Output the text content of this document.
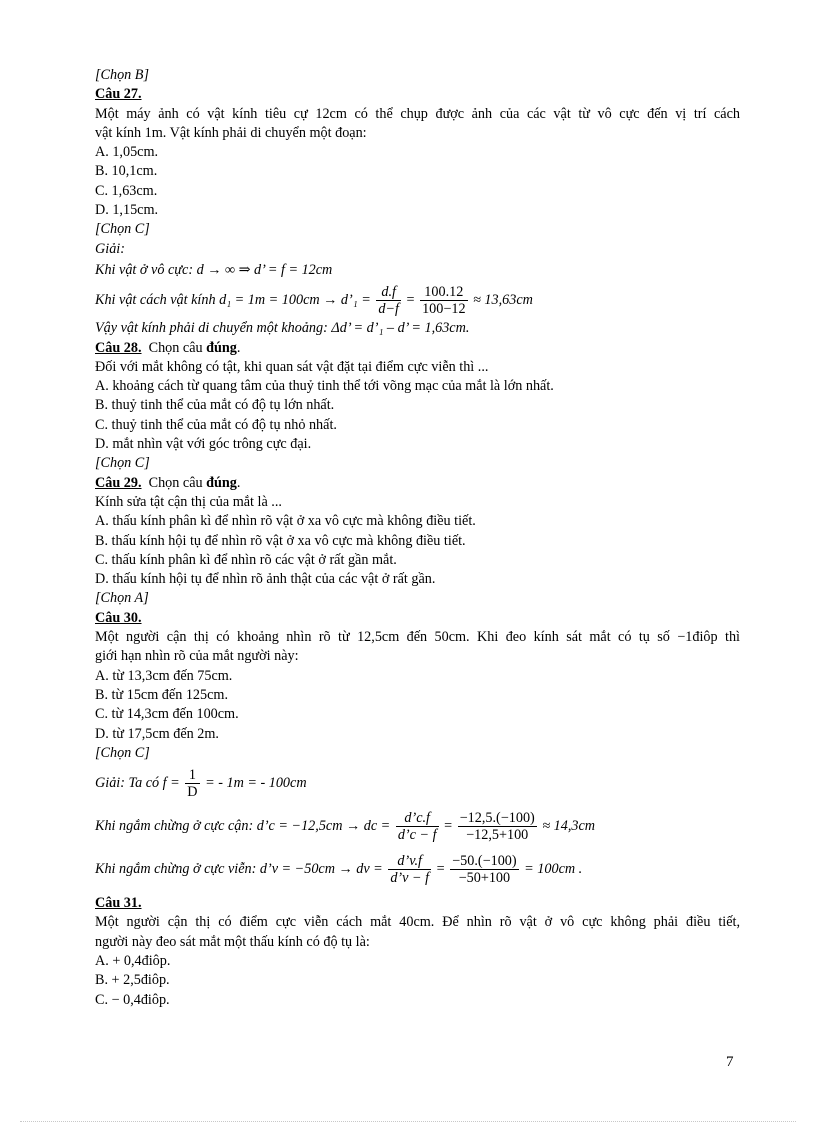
[Chọn B]
Câu 27.
Một máy ảnh có vật kính tiêu cự 12cm có thể chụp được ảnh của các vật từ vô cực đến vị trí cách
vật kính 1m. Vật kính phải di chuyển một đoạn:
A. 1,05cm.
B. 10,1cm.
C. 1,63cm.
D. 1,15cm.
[Chọn C]
Giải:
Khi vật ở vô cực: d → ∞ ⇒ d’ = f = 12cm
Khi vật cách vật kính d₁ = 1m = 100cm → d’₁ = $\frac{d.f}{d-f} = \frac{100.12}{100-12} \approx 13,63cm$
Vậy vật kính phải di chuyển một khoảng: Δd’ = d’₁ – d’ = 1,63cm.
Câu 28. Chọn câu đúng.
Đối với mắt không có tật, khi quan sát vật đặt tại điểm cực viễn thì ...
A. khoảng cách từ quang tâm của thuỷ tinh thể tới võng mạc của mắt là lớn nhất.
B. thuỷ tinh thể của mắt có độ tụ lớn nhất.
C. thuỷ tinh thể của mắt có độ tụ nhỏ nhất.
D. mắt nhìn vật với góc trông cực đại.
[Chọn C]
Câu 29. Chọn câu đúng.
Kính sửa tật cận thị của mắt là ...
A. thấu kính phân kì để nhìn rõ vật ở xa vô cực mà không điều tiết.
B. thấu kính hội tụ để nhìn rõ vật ở xa vô cực mà không điều tiết.
C. thấu kính phân kì để nhìn rõ các vật ở rất gần mắt.
D. thấu kính hội tụ để nhìn rõ ảnh thật của các vật ở rất gần.
[Chọn A]
Câu 30.
Một người cận thị có khoảng nhìn rõ từ 12,5cm đến 50cm. Khi đeo kính sát mắt có tụ số −1điôp thì
giới hạn nhìn rõ của mắt người này:
A. từ 13,3cm đến 75cm.
B. từ 15cm đến 125cm.
C. từ 14,3cm đến 100cm.
D. từ 17,5cm đến 2m.
[Chọn C]
Giải: Ta có $f = \frac{1}{D}$ = - 1m = - 100cm
Khi ngắm chừng ở cực cận: d’c = −12,5cm → dc = $\frac{d’c.f}{d’c - f} = \frac{-12,5.(-100)}{-12,5+100} \approx 14,3cm$
Khi ngắm chừng ở cực viễn: d’v = −50cm → dv = $\frac{d’v.f}{d’v - f} = \frac{-50.(-100)}{-50+100} = 100cm$ .
Câu 31.
Một người cận thị có điểm cực viễn cách mắt 40cm. Để nhìn rõ vật ở vô cực không phải điều tiết,
người này đeo sát mắt một thấu kính có độ tụ là:
A. + 0,4điôp.
B. + 2,5điôp.
C. − 0,4điôp.
7
